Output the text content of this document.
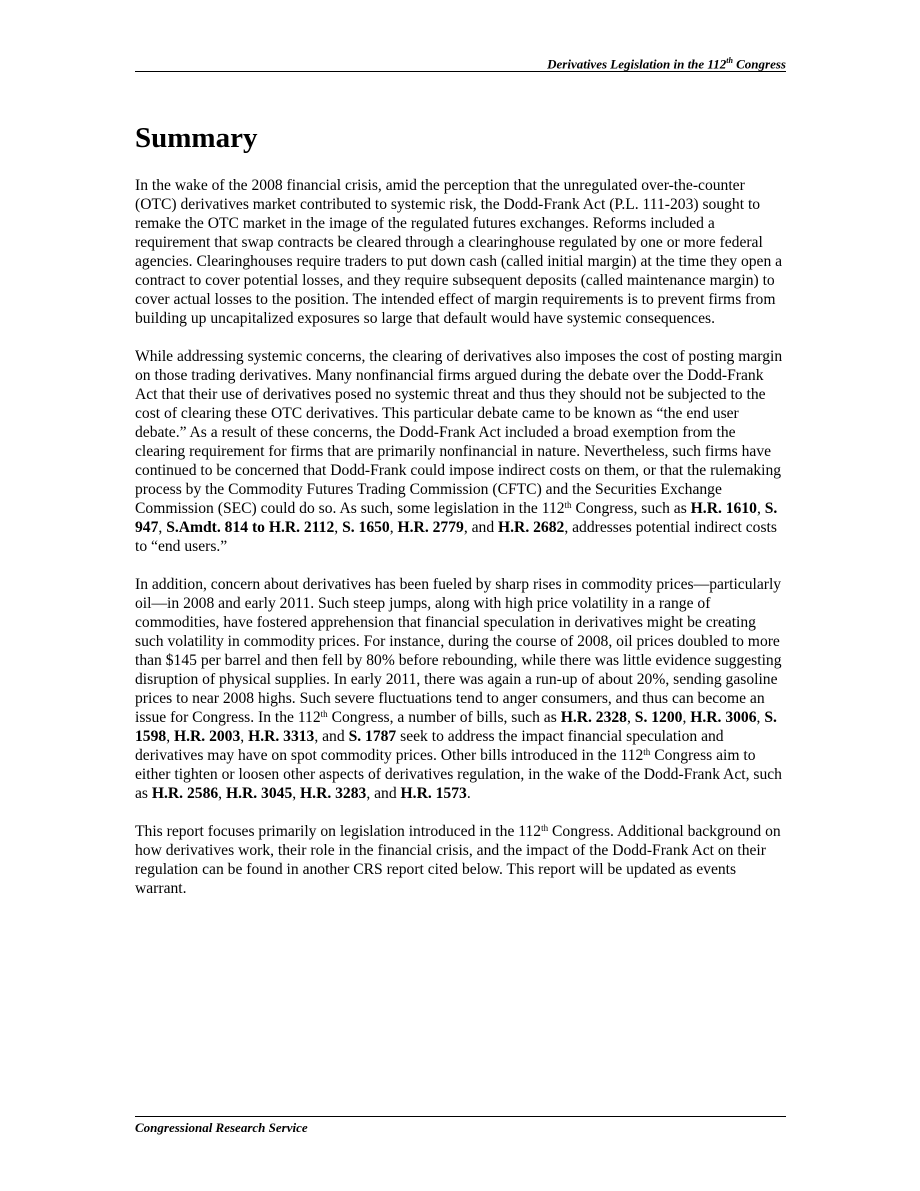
Derivatives Legislation in the 112th Congress
Summary

In the wake of the 2008 financial crisis, amid the perception that the unregulated over-the-counter (OTC) derivatives market contributed to systemic risk, the Dodd-Frank Act (P.L. 111-203) sought to remake the OTC market in the image of the regulated futures exchanges. Reforms included a requirement that swap contracts be cleared through a clearinghouse regulated by one or more federal agencies. Clearinghouses require traders to put down cash (called initial margin) at the time they open a contract to cover potential losses, and they require subsequent deposits (called maintenance margin) to cover actual losses to the position. The intended effect of margin requirements is to prevent firms from building up uncapitalized exposures so large that default would have systemic consequences.

While addressing systemic concerns, the clearing of derivatives also imposes the cost of posting margin on those trading derivatives. Many nonfinancial firms argued during the debate over the Dodd-Frank Act that their use of derivatives posed no systemic threat and thus they should not be subjected to the cost of clearing these OTC derivatives. This particular debate came to be known as “the end user debate.” As a result of these concerns, the Dodd-Frank Act included a broad exemption from the clearing requirement for firms that are primarily nonfinancial in nature. Nevertheless, such firms have continued to be concerned that Dodd-Frank could impose indirect costs on them, or that the rulemaking process by the Commodity Futures Trading Commission (CFTC) and the Securities Exchange Commission (SEC) could do so. As such, some legislation in the 112th Congress, such as H.R. 1610, S. 947, S.Amdt. 814 to H.R. 2112, S. 1650, H.R. 2779, and H.R. 2682, addresses potential indirect costs to “end users.”

In addition, concern about derivatives has been fueled by sharp rises in commodity prices—particularly oil—in 2008 and early 2011. Such steep jumps, along with high price volatility in a range of commodities, have fostered apprehension that financial speculation in derivatives might be creating such volatility in commodity prices. For instance, during the course of 2008, oil prices doubled to more than $145 per barrel and then fell by 80% before rebounding, while there was little evidence suggesting disruption of physical supplies. In early 2011, there was again a run-up of about 20%, sending gasoline prices to near 2008 highs. Such severe fluctuations tend to anger consumers, and thus can become an issue for Congress. In the 112th Congress, a number of bills, such as H.R. 2328, S. 1200, H.R. 3006, S. 1598, H.R. 2003, H.R. 3313, and S. 1787 seek to address the impact financial speculation and derivatives may have on spot commodity prices. Other bills introduced in the 112th Congress aim to either tighten or loosen other aspects of derivatives regulation, in the wake of the Dodd-Frank Act, such as H.R. 2586, H.R. 3045, H.R. 3283, and H.R. 1573.

This report focuses primarily on legislation introduced in the 112th Congress. Additional background on how derivatives work, their role in the financial crisis, and the impact of the Dodd-Frank Act on their regulation can be found in another CRS report cited below. This report will be updated as events warrant.

Congressional Research Service
